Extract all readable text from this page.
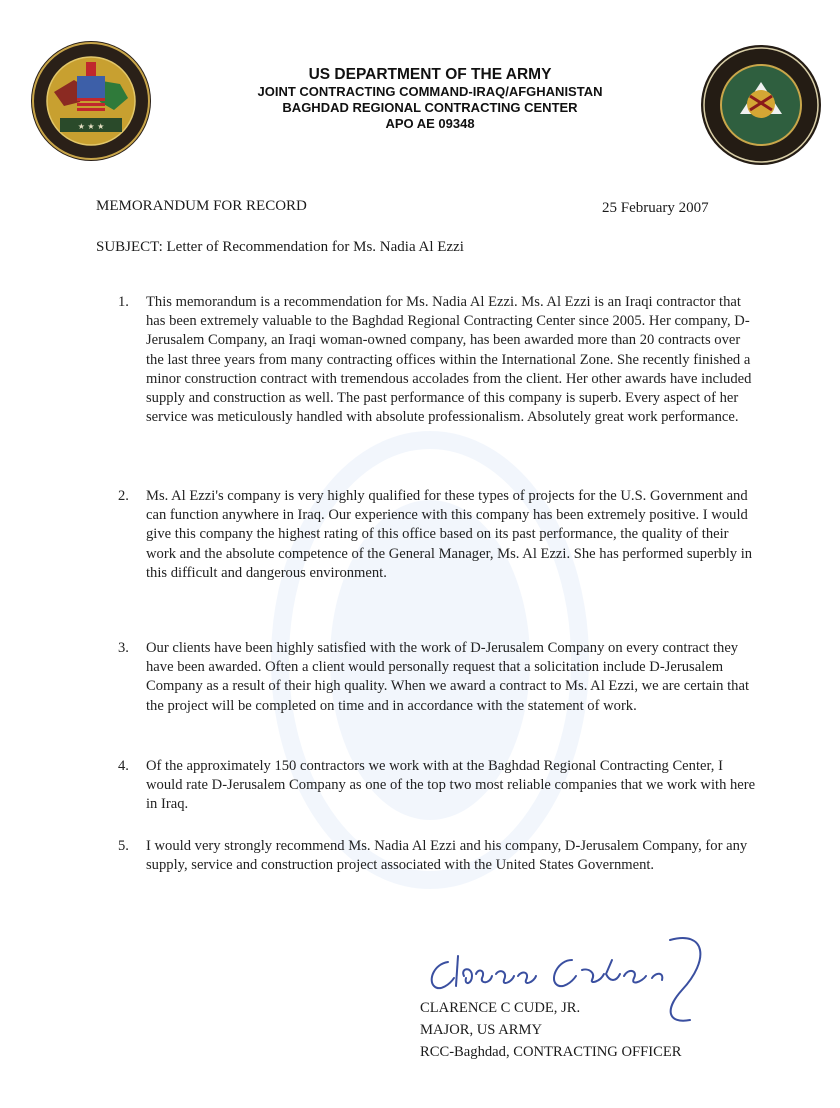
★ ★ ★
US DEPARTMENT OF THE ARMY
JOINT CONTRACTING COMMAND-IRAQ/AFGHANISTAN
BAGHDAD REGIONAL CONTRACTING CENTER
APO AE 09348
MEMORANDUM FOR RECORD	25 February 2007
SUBJECT: Letter of Recommendation for Ms. Nadia Al Ezzi
1.	This memorandum is a recommendation for Ms. Nadia Al Ezzi. Ms. Al Ezzi is an Iraqi contractor that has been extremely valuable to the Baghdad Regional Contracting Center since 2005. Her company, D-Jerusalem Company, an Iraqi woman-owned company, has been awarded more than 20 contracts over the last three years from many contracting offices within the International Zone. She recently finished a minor construction contract with tremendous accolades from the client. Her other awards have included supply and construction as well. The past performance of this company is superb. Every aspect of her service was meticulously handled with absolute professionalism. Absolutely great work performance.
2.	Ms. Al Ezzi's company is very highly qualified for these types of projects for the U.S. Government and can function anywhere in Iraq. Our experience with this company has been extremely positive. I would give this company the highest rating of this office based on its past performance, the quality of their work and the absolute competence of the General Manager, Ms. Al Ezzi. She has performed superbly in this difficult and dangerous environment.
3.	Our clients have been highly satisfied with the work of D-Jerusalem Company on every contract they have been awarded. Often a client would personally request that a solicitation include D-Jerusalem Company as a result of their high quality. When we award a contract to Ms. Al Ezzi, we are certain that the project will be completed on time and in accordance with the statement of work.
4.	Of the approximately 150 contractors we work with at the Baghdad Regional Contracting Center, I would rate D-Jerusalem Company as one of the top two most reliable companies that we work with here in Iraq.
5.	I would very strongly recommend Ms. Nadia Al Ezzi and his company, D-Jerusalem Company, for any supply, service and construction project associated with the United States Government.
CLARENCE C CUDE, JR.
MAJOR, US ARMY
RCC-Baghdad, CONTRACTING OFFICER
